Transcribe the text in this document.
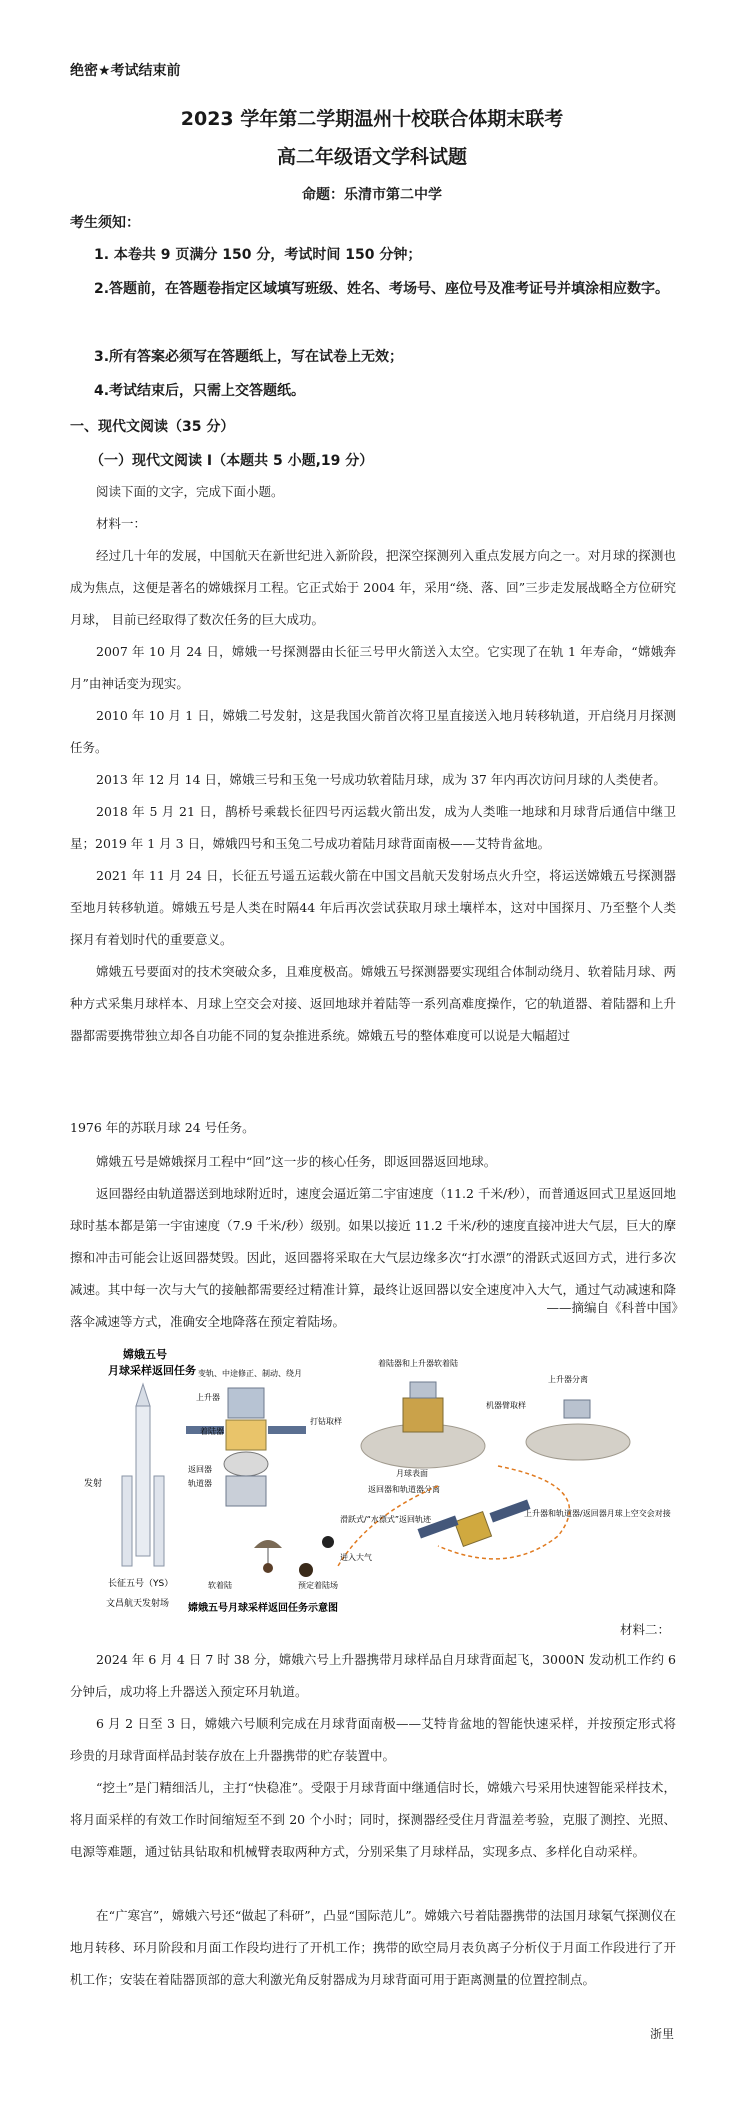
绝密★考试结束前
2023 学年第二学期温州十校联合体期末联考
高二年级语文学科试题
命题：乐清市第二中学
考生须知：
1. 本卷共 9 页满分 150 分，考试时间 150 分钟；
2.答题前，在答题卷指定区域填写班级、姓名、考场号、座位号及准考证号并填涂相应数字。
3.所有答案必须写在答题纸上，写在试卷上无效；
4.考试结束后，只需上交答题纸。
一、现代文阅读（35 分）
（一）现代文阅读 I（本题共 5 小题,19 分）
阅读下面的文字，完成下面小题。
材料一：
经过几十年的发展，中国航天在新世纪进入新阶段，把深空探测列入重点发展方向之一。对月球的探测也成为焦点，这便是著名的嫦娥探月工程。它正式始于 2004 年，采用“绕、落、回”三步走发展战略全方位研究月球， 目前已经取得了数次任务的巨大成功。
2007 年 10 月 24 日，嫦娥一号探测器由长征三号甲火箭送入太空。它实现了在轨 1 年寿命，“嫦娥奔月”由神话变为现实。
2010 年 10 月 1 日，嫦娥二号发射，这是我国火箭首次将卫星直接送入地月转移轨道，开启绕月月探测任务。
2013 年 12 月 14 日，嫦娥三号和玉兔一号成功软着陆月球，成为 37 年内再次访问月球的人类使者。
2018 年 5 月 21 日，鹊桥号乘载长征四号丙运载火箭出发，成为人类唯一地球和月球背后通信中继卫星；2019 年 1 月 3 日，嫦娥四号和玉兔二号成功着陆月球背面南极——艾特肯盆地。
2021 年 11 月 24 日，长征五号遥五运载火箭在中国文昌航天发射场点火升空，将运送嫦娥五号探测器至地月转移轨道。嫦娥五号是人类在时隔44 年后再次尝试获取月球土壤样本，这对中国探月、乃至整个人类探月有着划时代的重要意义。
嫦娥五号要面对的技术突破众多，且难度极高。嫦娥五号探测器要实现组合体制动绕月、软着陆月球、两种方式采集月球样本、月球上空交会对接、返回地球并着陆等一系列高难度操作，它的轨道器、着陆器和上升器都需要携带独立却各自功能不同的复杂推进系统。嫦娥五号的整体难度可以说是大幅超过
1976 年的苏联月球 24 号任务。
嫦娥五号是嫦娥探月工程中“回”这一步的核心任务，即返回器返回地球。
返回器经由轨道器送到地球附近时，速度会逼近第二宇宙速度（11.2 千米/秒），而普通返回式卫星返回地球时基本都是第一宇宙速度（7.9 千米/秒）级别。如果以接近 11.2 千米/秒的速度直接冲进大气层，巨大的摩擦和冲击可能会让返回器焚毁。因此，返回器将采取在大气层边缘多次“打水漂”的滑跃式返回方式，进行多次减速。其中每一次与大气的接触都需要经过精准计算，最终让返回器以安全速度冲入大气，通过气动减速和降落伞减速等方式，准确安全地降落在预定着陆场。
——摘编自《科普中国》
嫦娥五号
月球采样返回任务
发射
长征五号（YS）
文昌航天发射场
变轨、中途修正、制动、绕月
上升器
着陆器
返回器
轨道器
打钻取样
着陆器和上升器软着陆
机器臂取样
上升器分离
月球表面
返回器和轨道器分离
上升器和轨道器/返回器月球上空交会对接
滑跃式/“水漂式”返回轨迹
进入大气
软着陆	预定着陆场
嫦娥五号月球采样返回任务示意图
材料二：
2024 年 6 月 4 日 7 时 38 分，嫦娥六号上升器携带月球样品自月球背面起飞，3000N 发动机工作约 6 分钟后，成功将上升器送入预定环月轨道。
6 月 2 日至 3 日，嫦娥六号顺利完成在月球背面南极——艾特肯盆地的智能快速采样，并按预定形式将珍贵的月球背面样品封装存放在上升器携带的贮存装置中。
“挖土”是门精细活儿，主打“快稳准”。受限于月球背面中继通信时长，嫦娥六号采用快速智能采样技术，将月面采样的有效工作时间缩短至不到 20 个小时；同时，探测器经受住月背温差考验，克服了测控、光照、电源等难题，通过钻具钻取和机械臂表取两种方式，分别采集了月球样品，实现多点、多样化自动采样。
在“广寒宫”，嫦娥六号还“做起了科研”，凸显“国际范儿”。嫦娥六号着陆器携带的法国月球氡气探测仪在地月转移、环月阶段和月面工作段均进行了开机工作；携带的欧空局月表负离子分析仪于月面工作段进行了开机工作；安装在着陆器顶部的意大利激光角反射器成为月球背面可用于距离测量的位置控制点。
浙里
